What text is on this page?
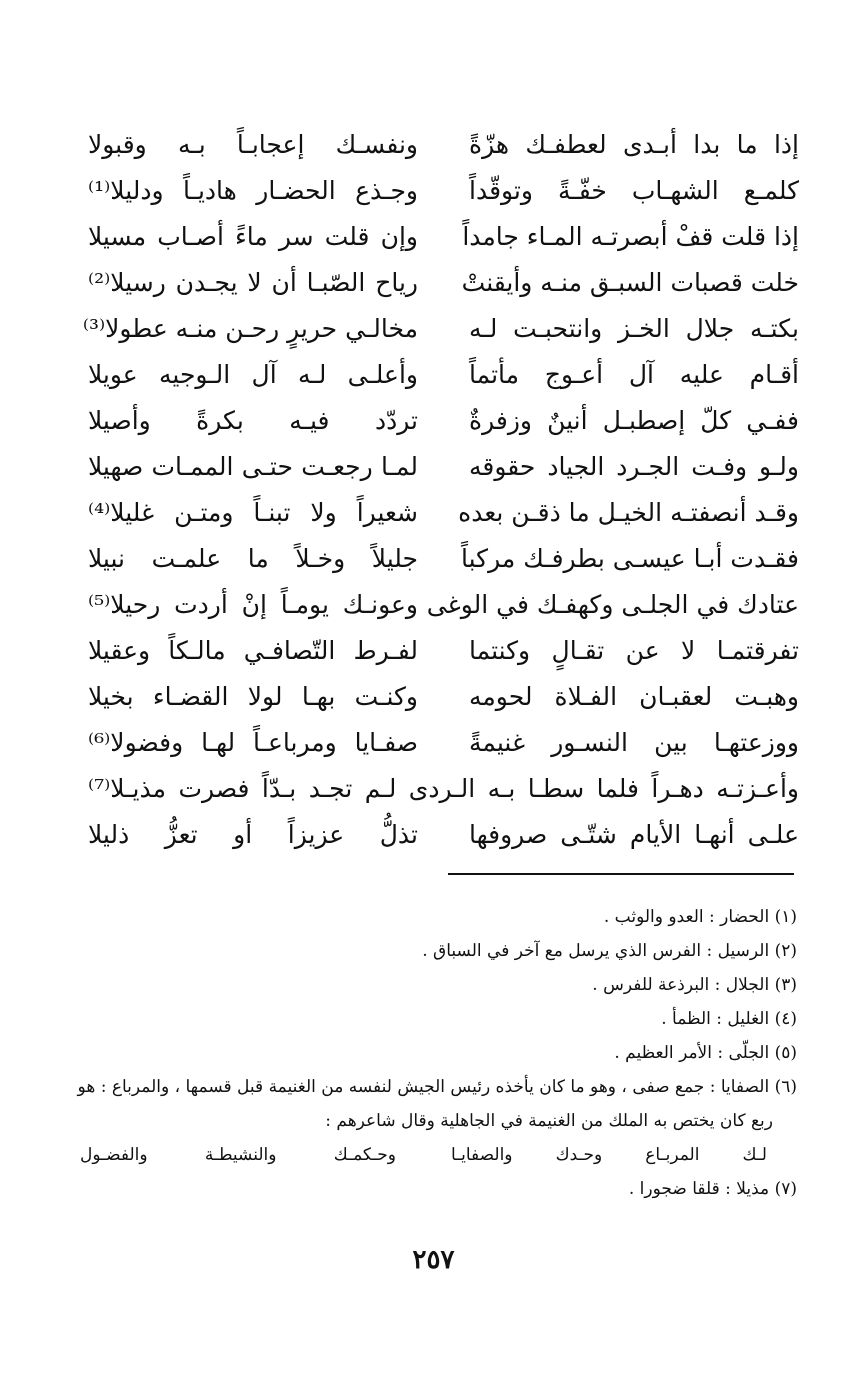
إذا ما بدا أبـدى لعطفـك هزّةً
ونفسـك إعجابـاً بـه وقبولا
كلمـع الشهـاب خفّـةً وتوقّداً
وجـذع الحضـار هاديـاً ودليلا⁽¹⁾
إذا قلت قفْ أبصرتـه المـاء جامداً
وإن قلت سر ماءً أصـاب مسيلا
خلت قصبات السبـق منـه وأيقنتْ
رياح الصّبـا أن لا يجـدن رسيلا⁽²⁾
بكتـه جلال الخـز وانتحبـت لـه
مخالـي حريرٍ رحـن منـه عطولا⁽³⁾
أقـام عليه آل أعـوج مأتماً
وأعلـى لـه آل الـوجيه عويلا
ففـي كلّ إصطبـل أنينٌ وزفرةٌ
تردّد فيـه بكرةً وأصيلا
ولـو وفـت الجـرد الجياد حقوقه
لمـا رجعـت حتـى الممـات صهيلا
وقـد أنصفتـه الخيـل ما ذقـن بعده
شعيراً ولا تبنـاً ومتـن غليلا⁽⁴⁾
فقـدت أبـا عيسـى بطرفـك مركباً
جليلاً وخـلاً ما علمـت نبيلا
عتادك في الجلـى وكهفـك في الوغى
وعونـك يومـاً إنْ أردت رحيلا⁽⁵⁾
تفرقتمـا لا عن تقـالٍ وكنتما
لفـرط التّصافـي مالـكاً وعقيلا
وهبـت لعقبـان الفـلاة لحومه
وكنـت بهـا لولا القضـاء بخيلا
ووزعتهـا بين النسـور غنيمةً
صفـايا ومرباعـاً لهـا وفضولا⁽⁶⁾
وأعـزتـه دهـراً فلما سطـا بـه الـردى لـم تجـد بـدّاً فصرت مذيـلا⁽⁷⁾
علـى أنهـا الأيام شتّـى صروفها
تذلُّ عزيزاً أو تعزُّ ذليلا
(١) الحضار : العدو والوثب .
(٢) الرسيل : الفرس الذي يرسل مع آخر في السباق .
(٣) الجلال : البرذعة للفرس .
(٤) الغليل : الظمأ .
(٥) الجلّى : الأمر العظيم .
(٦) الصفايا : جمع صفى ، وهو ما كان يأخذه رئيس الجيش لنفسه من الغنيمة قبل قسمها ، والمرباع : هو
ربع كان يختص به الملك من الغنيمة في الجاهلية وقال شاعرهم :
لـك المربـاع وحـدك والصفايـا
وحـكمـك والنشيطـة والفضـول
(٧) مذيلا : قلقا ضجورا .
٢٥٧
